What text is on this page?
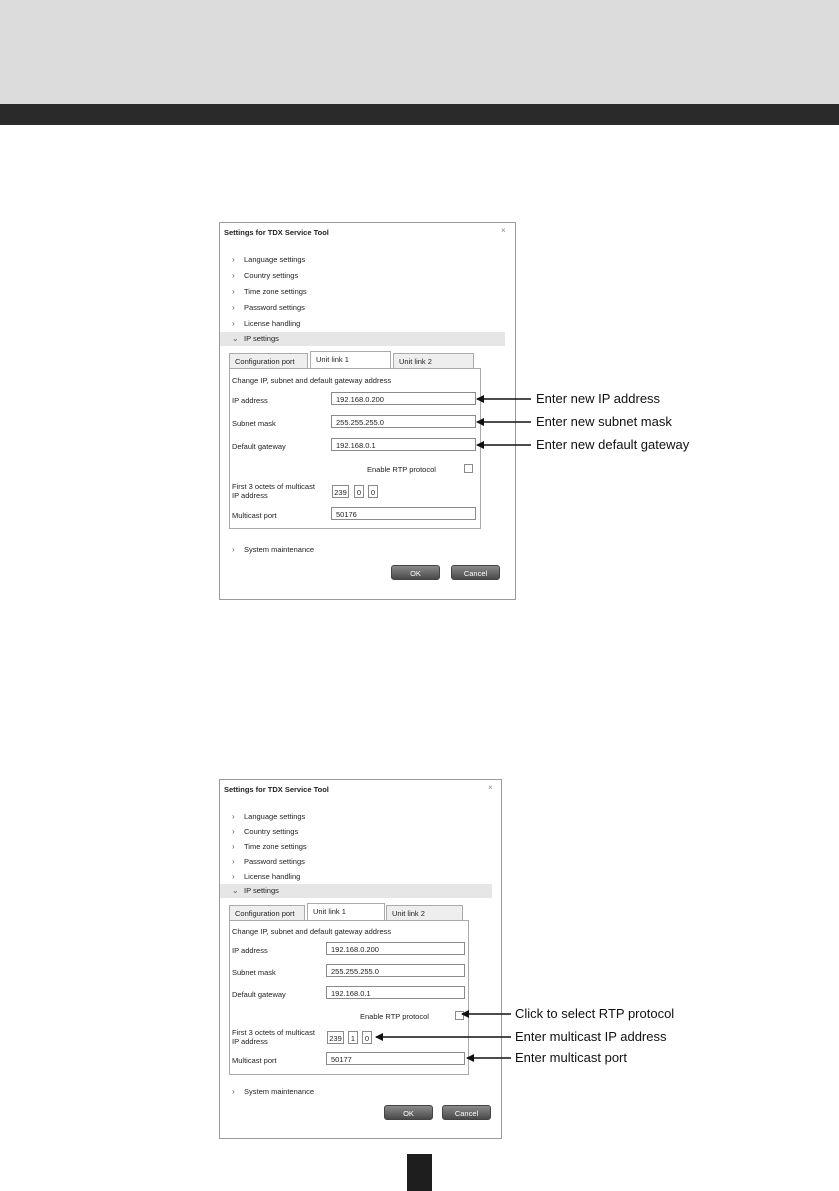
Settings for TDX Service Tool	×
› Language settings
› Country settings
› Time zone settings
› Password settings
› License handling
⌄ IP settings
Configuration port	Unit link 1	Unit link 2
Change IP, subnet and default gateway address
IP address	192.168.0.200
Subnet mask	255.255.255.0
Default gateway	192.168.0.1
Enable RTP protocol
First 3 octets of multicast
IP address	239	0	0
Multicast port	50176
› System maintenance
OK	Cancel
Settings for TDX Service Tool	×
› Language settings
› Country settings
› Time zone settings
› Password settings
› License handling
⌄ IP settings
Configuration port	Unit link 1	Unit link 2
Change IP, subnet and default gateway address
IP address	192.168.0.200
Subnet mask	255.255.255.0
Default gateway	192.168.0.1
Enable RTP protocol
First 3 octets of multicast
IP address	239	1	0
Multicast port	50177
› System maintenance
OK	Cancel
Enter new IP address
Enter new subnet mask
Enter new default gateway
Click to select RTP protocol
Enter multicast IP address
Enter multicast port
